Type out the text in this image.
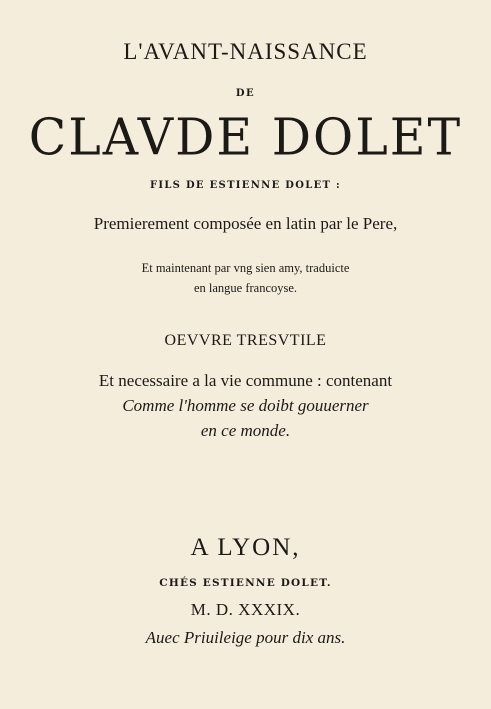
L'AVANT-NAISSANCE
DE
CLAVDE DOLET
FILS DE ESTIENNE DOLET :
Premierement composée en latin par le Pere,
Et maintenant par vng sien amy, traduicte
en langue francoyse.
OEVVRE TRESVTILE
Et necessaire a la vie commune : contenant
Comme l'homme se doibt gouuerner
en ce monde.
A LYON,
CHÉS ESTIENNE DOLET.
M. D. XXXIX.
Auec Priuileige pour dix ans.
